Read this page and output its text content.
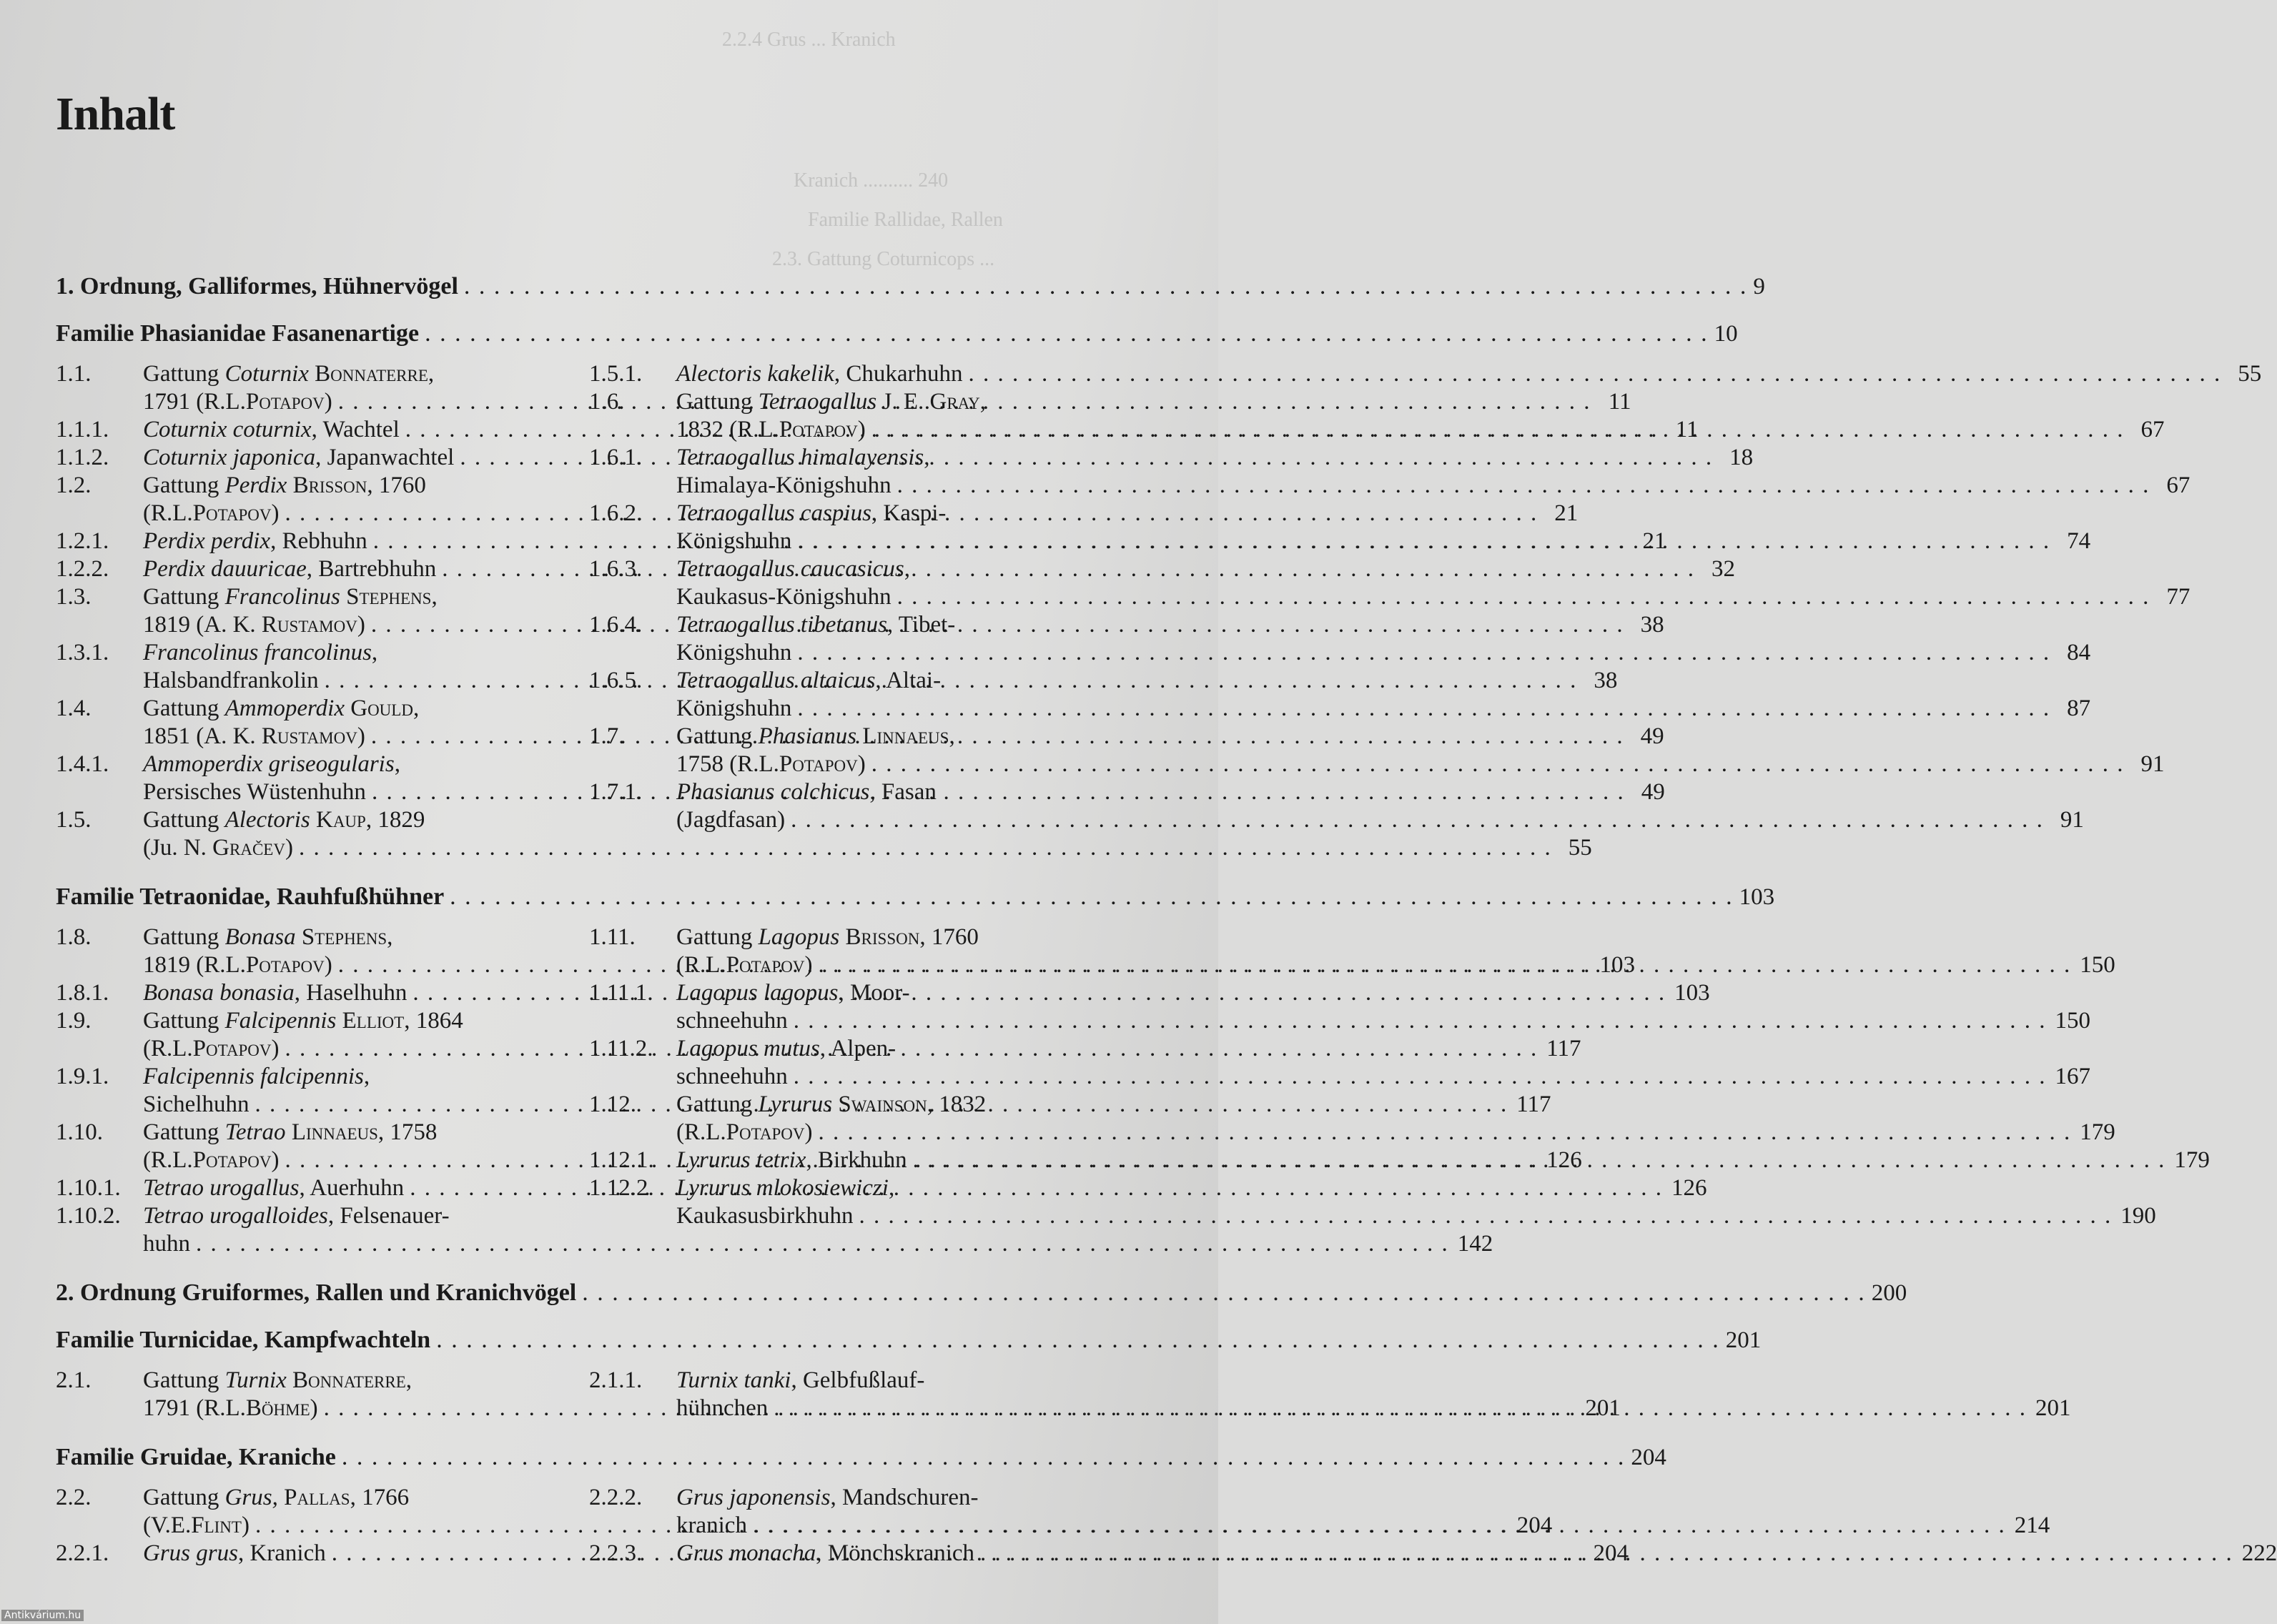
2.2.4 Grus ... Kranich
Familie Rallidae, Rallen
2.3. Gattung Coturnicops ...
Kranich .......... 240
Inhalt
1. Ordnung, Galliformes, Hühnervögel . . .	9
Familie Phasianidae Fasanenartige . . .	10
1.1.	Gattung Coturnix Bonnaterre,
1791 (R.L.Potapov) . . .	11
1.1.1.	Coturnix coturnix, Wachtel . . .	11
1.1.2.	Coturnix japonica, Japanwachtel . . .	18
1.2.	Gattung Perdix Brisson, 1760
(R.L.Potapov) . . .	21
1.2.1.	Perdix perdix, Rebhuhn . . .	21
1.2.2.	Perdix dauuricae, Bartrebhuhn . . .	32
1.3.	Gattung Francolinus Stephens,
1819 (A. K. Rustamov) . . .	38
1.3.1.	Francolinus francolinus,
Halsbandfrankolin . . .	38
1.4.	Gattung Ammoperdix Gould,
1851 (A. K. Rustamov) . . .	49
1.4.1.	Ammoperdix griseogularis,
Persisches Wüstenhuhn . . .	49
1.5.	Gattung Alectoris Kaup, 1829
(Ju. N. Gračev) . . .	55
1.5.1.	Alectoris kakelik, Chukarhuhn . . .	55
1.6.	Gattung Tetraogallus J. E. Gray,
1832 (R.L.Potapov) . . .	67
1.6.1.	Tetraogallus himalayensis,
Himalaya-Königshuhn . . .	67
1.6.2.	Tetraogallus caspius, Kaspi-
Königshuhn . . .	74
1.6.3.	Tetraogallus caucasicus,
Kaukasus-Königshuhn . . .	77
1.6.4.	Tetraogallus tibetanus, Tibet-
Königshuhn . . .	84
1.6.5.	Tetraogallus altaicus, Altai-
Königshuhn . . .	87
1.7.	Gattung Phasianus Linnaeus,
1758 (R.L.Potapov) . . .	91
1.7.1.	Phasianus colchicus, Fasan
(Jagdfasan) . . .	91
Familie Tetraonidae, Rauhfußhühner . . .	103
1.8.	Gattung Bonasa Stephens,
1819 (R.L.Potapov) . . .	103
1.8.1.	Bonasa bonasia, Haselhuhn . . .	103
1.9.	Gattung Falcipennis Elliot, 1864
(R.L.Potapov) . . .	117
1.9.1.	Falcipennis falcipennis,
Sichelhuhn . . .	117
1.10.	Gattung Tetrao Linnaeus, 1758
(R.L.Potapov) . . .	126
1.10.1. Tetrao urogallus, Auerhuhn . . .	126
1.10.2. Tetrao urogalloides, Felsenauer-
huhn . . .	142
1.11.	Gattung Lagopus Brisson, 1760
(R.L.Potapov) . . .	150
1.11.1. Lagopus lagopus, Moor-
schneehuhn . . .	150
1.11.2. Lagopus mutus, Alpen-
schneehuhn . . .	167
1.12.	Gattung Lyrurus Swainson, 1832
(R.L.Potapov) . . .	179
1.12.1. Lyrurus tetrix, Birkhuhn . . .	179
1.12.2. Lyrurus mlokosiewiczi,
Kaukasusbirkhuhn . . .	190
2. Ordnung Gruiformes, Rallen und Kranichvögel . . .	200
Familie Turnicidae, Kampfwachteln . . .	201
2.1.	Gattung Turnix Bonnaterre,
1791 (R.L.Böhme) . . .	201
2.1.1.	Turnix tanki, Gelbfußlauf-
hühnchen . . .	201
Familie Gruidae, Kraniche . . .	204
2.2.	Gattung Grus, Pallas, 1766
(V.E.Flint) . . .	204
2.2.1.	Grus grus, Kranich . . .	204
2.2.2.	Grus japonensis, Mandschuren-
kranich . . .	214
2.2.3.	Grus monacha, Mönchskranich . . .	222
Antikvárium.hu
